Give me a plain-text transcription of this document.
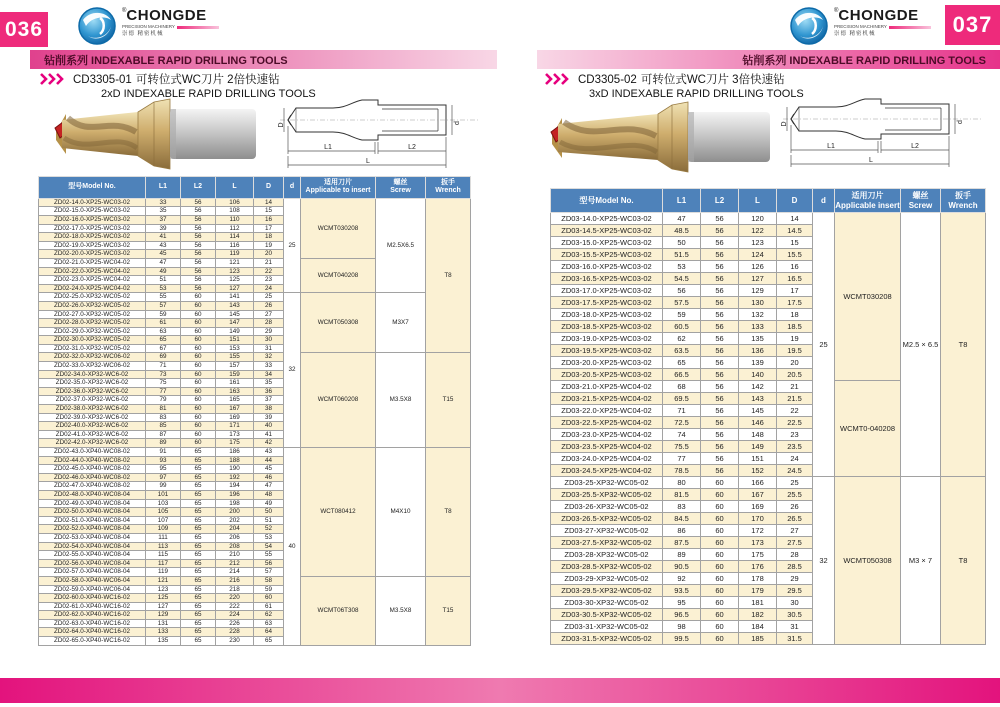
036
®CHONGDE
PRECISION MACHINERY
崇德 精密机械
钻削系列 INDEXABLE RAPID DRILLING TOOLS
CD3305-01 可转位式WC刀片 2倍快速钻
2xD INDEXABLE RAPID DRILLING TOOLS
D
L1	L2
L
d
型号Model No.	L1	L2	L	D	d	适用刀片
Applicable to insert	螺丝
Screw	扳手
Wrench
ZD02-14.0-XP25-WC03-02	33	56	106	14	25	WCMT030208	M2.5X6.5	T8
ZD02-15.0-XP25-WC03-02	35	56	108	15				
ZD02-16.0-XP25-WC03-02	37	56	110	16				
ZD02-17.0-XP25-WC03-02	39	56	112	17				
ZD02-18.0-XP25-WC03-02	41	56	114	18				
ZD02-19.0-XP25-WC03-02	43	56	116	19				
ZD02-20.0-XP25-WC03-02	45	56	119	20				
ZD02-21.0-XP25-WC04-02	47	56	121	21		WCMT040208		
ZD02-22.0-XP25-WC04-02	49	56	123	22				
ZD02-23.0-XP25-WC04-02	51	56	125	23				
ZD02-24.0-XP25-WC04-02	53	56	127	24				
ZD02-25.0-XP32-WC05-02	55	60	141	25	32	WCMT050308	M3X7	
ZD02-26.0-XP32-WC05-02	57	60	143	26				
ZD02-27.0-XP32-WC05-02	59	60	145	27				
ZD02-28.0-XP32-WC05-02	61	60	147	28				
ZD02-29.0-XP32-WC05-02	63	60	149	29				
ZD02-30.0-XP32-WC05-02	65	60	151	30				
ZD02-31.0-XP32-WC05-02	67	60	153	31				
ZD02-32.0-XP32-WC06-02	69	60	155	32		WCMT060208	M3.5X8	T15
ZD02-33.0-XP32-WC06-02	71	60	157	33				
ZD02-34.0-XP32-WC6-02	73	60	159	34				
ZD02-35.0-XP32-WC6-02	75	60	161	35				
ZD02-36.0-XP32-WC6-02	77	60	163	36				
ZD02-37.0-XP32-WC6-02	79	60	165	37				
ZD02-38.0-XP32-WC6-02	81	60	167	38				
ZD02-39.0-XP32-WC6-02	83	60	169	39				
ZD02-40.0-XP32-WC6-02	85	60	171	40				
ZD02-41.0-XP32-WC6-02	87	60	173	41				
ZD02-42.0-XP32-WC6-02	89	60	175	42				
ZD02-43.0-XP40-WC08-02	91	65	186	43	40	WCT080412	M4X10	T8
ZD02-44.0-XP40-WC08-02	93	65	188	44				
ZD02-45.0-XP40-WC08-02	95	65	190	45				
ZD02-46.0-XP40-WC08-02	97	65	192	46				
ZD02-47.0-XP40-WC08-02	99	65	194	47				
ZD02-48.0-XP40-WC08-04	101	65	196	48				
ZD02-49.0-XP40-WC08-04	103	65	198	49				
ZD02-50.0-XP40-WC08-04	105	65	200	50				
ZD02-51.0-XP40-WC08-04	107	65	202	51				
ZD02-52.0-XP40-WC08-04	109	65	204	52				
ZD02-53.0-XP40-WC08-04	111	65	206	53				
ZD02-54.0-XP40-WC08-04	113	65	208	54				
ZD02-55.0-XP40-WC08-04	115	65	210	55				
ZD02-56.0-XP40-WC08-04	117	65	212	56				
ZD02-57.0-XP40-WC08-04	119	65	214	57				
ZD02-58.0-XP40-WC06-04	121	65	216	58		WCMT06T308	M3.5X8	T15
ZD02-59.0-XP40-WC06-04	123	65	218	59				
ZD02-60.0-XP40-WC16-02	125	65	220	60				
ZD02-61.0-XP40-WC16-02	127	65	222	61				
ZD02-62.0-XP40-WC16-02	129	65	224	62				
ZD02-63.0-XP40-WC16-02	131	65	226	63				
ZD02-64.0-XP40-WC16-02	133	65	228	64				
ZD02-65.0-XP40-WC16-02	135	65	230	65				
037
®CHONGDE
PRECISION MACHINERY
崇德 精密机械
钻削系列 INDEXABLE RAPID DRILLING TOOLS
CD3305-02 可转位式WC刀片 3倍快速钻
3xD INDEXABLE RAPID DRILLING TOOLS
D
L1	L2
L
d
型号Model No.	L1	L2	L	D	d	适用刀片
Applicable insert	螺丝
Screw	扳手
Wrench
ZD03-14.0-XP25-WC03-02	47	56	120	14	25	WCMT030208	M2.5 × 6.5	T8
ZD03-14.5-XP25-WC03-02	48.5	56	122	14.5				
ZD03-15.0-XP25-WC03-02	50	56	123	15				
ZD03-15.5-XP25-WC03-02	51.5	56	124	15.5				
ZD03-16.0-XP25-WC03-02	53	56	126	16				
ZD03-16.5-XP25-WC03-02	54.5	56	127	16.5				
ZD03-17.0-XP25-WC03-02	56	56	129	17				
ZD03-17.5-XP25-WC03-02	57.5	56	130	17.5				
ZD03-18.0-XP25-WC03-02	59	56	132	18				
ZD03-18.5-XP25-WC03-02	60.5	56	133	18.5				
ZD03-19.0-XP25-WC03-02	62	56	135	19				
ZD03-19.5-XP25-WC03-02	63.5	56	136	19.5				
ZD03-20.0-XP25-WC03-02	65	56	139	20				
ZD03-20.5-XP25-WC03-02	66.5	56	140	20.5				
ZD03-21.0-XP25-WC04-02	68	56	142	21		WCMT0-040208		
ZD03-21.5-XP25-WC04-02	69.5	56	143	21.5				
ZD03-22.0-XP25-WC04-02	71	56	145	22				
ZD03-22.5-XP25-WC04-02	72.5	56	146	22.5				
ZD03-23.0-XP25-WC04-02	74	56	148	23				
ZD03-23.5-XP25-WC04-02	75.5	56	149	23.5				
ZD03-24.0-XP25-WC04-02	77	56	151	24				
ZD03-24.5-XP25-WC04-02	78.5	56	152	24.5				
ZD03-25-XP32-WC05-02	80	60	166	25	32	WCMT050308	M3 × 7	T8
ZD03-25.5-XP32-WC05-02	81.5	60	167	25.5				
ZD03-26-XP32-WC05-02	83	60	169	26				
ZD03-26.5-XP32-WC05-02	84.5	60	170	26.5				
ZD03-27-XP32-WC05-02	86	60	172	27				
ZD03-27.5-XP32-WC05-02	87.5	60	173	27.5				
ZD03-28-XP32-WC05-02	89	60	175	28				
ZD03-28.5-XP32-WC05-02	90.5	60	176	28.5				
ZD03-29-XP32-WC05-02	92	60	178	29				
ZD03-29.5-XP32-WC05-02	93.5	60	179	29.5				
ZD03-30-XP32-WC05-02	95	60	181	30				
ZD03-30.5-XP32-WC05-02	96.5	60	182	30.5				
ZD03-31-XP32-WC05-02	98	60	184	31				
ZD03-31.5-XP32-WC05-02	99.5	60	185	31.5				
